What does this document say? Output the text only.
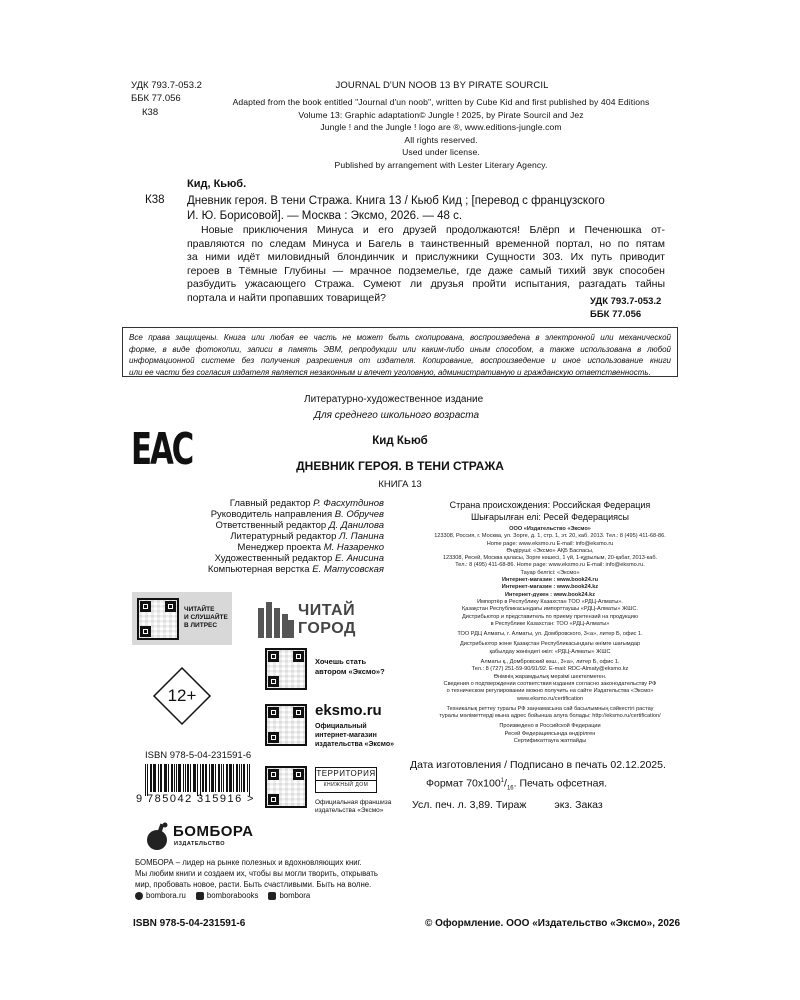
УДК 793.7-053.2
ББК 77.056
К38
JOURNAL D'UN NOOB 13 BY PIRATE SOURCIL
Adapted from the book entitled "Journal d'un noob", written by Cube Kid and first published by 404 Editions
Volume 13: Graphic adaptation© Jungle ! 2025, by Pirate Sourcil and Jez
Jungle ! and the Jungle ! logo are ®, www.editions-jungle.com
All rights reserved.
Used under license.
Published by arrangement with Lester Literary Agency.
Кид, Кьюб.
К38 Дневник героя. В тени Стража. Книга 13 / Кьюб Кид ; [перевод с французского
И. Ю. Борисовой]. — Москва : Эксмо, 2026. — 48 с.
Новые приключения Минуса и его друзей продолжаются! Блёрп и Печенюшка от-
правляются по следам Минуса и Багель в таинственный временной портал, но по пятам
за ними идёт миловидный блондинчик и прислужники Сущности 303. Их путь приводит
героев в Тёмные Глубины — мрачное подземелье, где даже самый тихий звук способен
разбудить ужасающего Стража. Сумеют ли друзья пройти испытания, разгадать тайны
портала и найти пропавших товарищей?	УДК 793.7-053.2
ББК 77.056
Все права защищены. Книга или любая ее часть не может быть скопирована, воспроизведена в электронной или механической
форме, в виде фотокопии, записи в память ЭВМ, репродукции или каким-либо иным способом, а также использована в любой
информационной системе без получения разрешения от издателя. Копирование, воспроизведение и иное использование книги
или ее части без согласия издателя является незаконным и влечет уголовную, административную и гражданскую ответственность.
Литературно-художественное издание
Для среднего школьного возраста
ЕАС	Кид Кьюб
ДНЕВНИК ГЕРОЯ. В ТЕНИ СТРАЖА
КНИГА 13
Главный редактор Р. Фасхутдинов
Руководитель направления В. Обручев
Ответственный редактор Д. Данилова
Литературный редактор Л. Панина
Менеджер проекта М. Назаренко
Художественный редактор Е. Анисина
Компьютерная верстка Е. Матусовская
Страна происхождения: Российская Федерация
Шығарылған елі: Ресей Федерациясы
ООО «Издательство «Эксмо»
123308, Россия, г. Москва, ул. Зорге, д. 1, стр. 1, эт. 20, каб. 2013. Тел.: 8 (495) 411-68-86.
Home page: www.eksmo.ru E-mail: info@eksmo.ru
Өндіруші: «Эксмо» АҚБ Баспасы,
123308, Ресей, Москва қаласы, Зорге көшесі, 1 үй, 1-құрылым, 20-қабат, 2013-каб.
Тел.: 8 (495) 411-68-86. Home page: www.eksmo.ru E-mail: info@eksmo.ru.
Тауар белгісі: «Эксмо»
Интернет-магазин : www.book24.ru
Интернет-магазин : www.book24.kz
Интернет-дүкен : www.book24.kz
Импортёр в Республику Казахстан ТОО «РДЦ-Алматы».
Қазақстан Республикасындағы импорттаушы «РДЦ-Алматы» ЖШС.
Дистрибьютор и представитель по приему претензий на продукцию
в Республике Казахстан: ТОО «РДЦ-Алматы»
ТОО РДЦ Алматы, г. Алматы, ул. Домбровского, 3«а», литер Б, офис 1.
Дистрибьютор және Қазақстан Республикасындағы өнімге шағымдар
қабылдау жөніндегі өкіл: «РДЦ-Алматы» ЖШС
Алматы қ., Домбровский көш., 3«а», литер Б, офис 1.
Тел.: 8 (727) 251-59-90/91/92. E-mail: RDC-Almaty@eksmo.kz
Өнімнің жарамдылық мерзімі шектелмеген.
Сведения о подтверждении соответствия издания согласно законодательству РФ
о техническом регулировании можно получить на сайте Издательства «Эксмо»
www.eksmo.ru/certification
Техникалық реттеу туралы РФ заңнамасына сай басылымның сәйкестігі растау
туралы мәліметтерді мына адрес бойынша алуға болады: http://eksmo.ru/certification/
Произведено в Российской Федерации
Ресей Федерациясында өндірілген
Сертификаттауға жатпайды
ЧИТАЙТЕ
И СЛУШАЙТЕ
В ЛИТРЕС
ЧИТАЙ
ГОРОД
12+
Хочешь стать автором «Эксмо»?
eksmo.ru
Официальный интернет-магазин издательства «Эксмо»
ТЕРРИТОРИЯ
КНИЖНЫЙ ДОМ
Официальная франшиза издательства «Эксмо»
ISBN 978-5-04-231591-6
9 785042 315916 >
БОМБОРА
ИЗДАТЕЛЬСТВО
БОМБОРА – лидер на рынке полезных и вдохновляющих книг.
Мы любим книги и создаем их, чтобы вы могли творить, открывать
мир, пробовать новое, расти. Быть счастливыми. Быть на волне.
bombora.ru	bomborabooks	bombora
Дата изготовления / Подписано в печать 02.12.2025.
Формат $70x100^1/_{16}$. Печать офсетная.
Усл. печ. л. 3,89. Тираж	экз. Заказ
ISBN 978-5-04-231591-6	© Оформление. ООО «Издательство «Эксмо», 2026
